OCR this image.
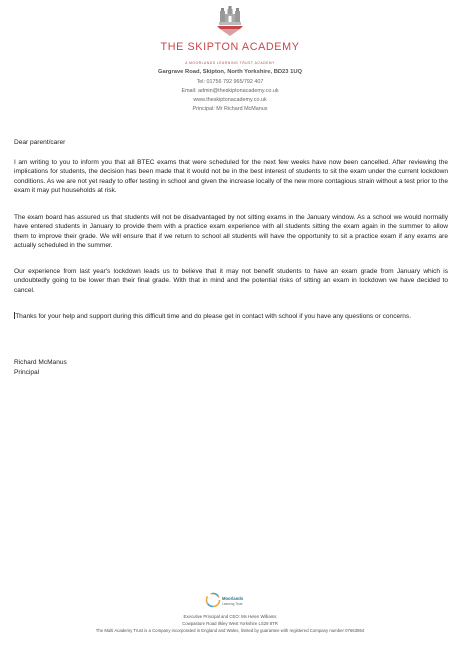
THE SKIPTON ACADEMY
A MOORLANDS LEARNING TRUST ACADEMY
Gargrave Road, Skipton, North Yorkshire, BD23 1UQ
Tel: 01756 792 965/792 407
Email: admin@theskiptonacademy.co.uk
www.theskiptonacademy.co.uk
Principal: Mr Richard McManus
Dear parent/carer
I am writing to you to inform you that all BTEC exams that were scheduled for the next few weeks have now been cancelled. After reviewing the implications for students, the decision has been made that it would not be in the best interest of students to sit the exam under the current lockdown conditions. As we are not yet ready to offer testing in school and given the increase locally of the new more contagious strain without a test prior to the exam it may put households at risk.
The exam board has assured us that students will not be disadvantaged by not sitting exams in the January window. As a school we would normally have entered students in January to provide them with a practice exam experience with all students sitting the exam again in the summer to allow them to improve their grade. We will ensure that if we return to school all students will have the opportunity to sit a practice exam if any exams are actually scheduled in the summer.
Our experience from last year's lockdown leads us to believe that it may not benefit students to have an exam grade from January which is undoubtedly going to be lower than their final grade. With that in mind and the potential risks of sitting an exam in lockdown we have decided to cancel.
Thanks for your help and support during this difficult time and do please get in contact with school if you have any questions or concerns.
Richard McManus
Principal
Moorlands
Learning Trust
Executive Principal and CEO: Ms Helen Williams
Cowpasture Road Ilkley West Yorkshire LS29 8TR
The Multi Academy Trust is a Company incorporated in England and Wales, limited by guarantee with registered Company number 07663864
